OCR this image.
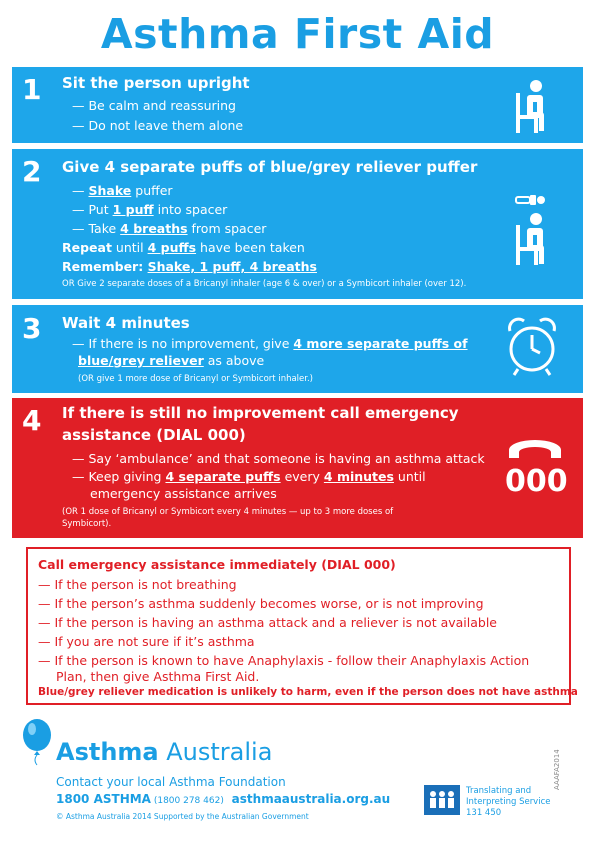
Asthma First Aid
1 Sit the person upright
— Be calm and reassuring
— Do not leave them alone
2 Give 4 separate puffs of blue/grey reliever puffer
— Shake puffer
— Put 1 puff into spacer
— Take 4 breaths from spacer
Repeat until 4 puffs have been taken
Remember: Shake, 1 puff, 4 breaths
OR Give 2 separate doses of a Bricanyl inhaler (age 6 & over) or a Symbicort inhaler (over 12).
3 Wait 4 minutes
— If there is no improvement, give 4 more separate puffs of
blue/grey reliever as above
(OR give 1 more dose of Bricanyl or Symbicort inhaler.)
4 If there is still no improvement call emergency
assistance (DIAL 000)
— Say ‘ambulance’ and that someone is having an asthma attack
— Keep giving 4 separate puffs every 4 minutes until
emergency assistance arrives
(OR 1 dose of Bricanyl or Symbicort every 4 minutes — up to 3 more doses of
Symbicort).
000
Call emergency assistance immediately (DIAL 000)
— If the person is not breathing
— If the person’s asthma suddenly becomes worse, or is not improving
— If the person is having an asthma attack and a reliever is not available
— If you are not sure if it’s asthma
— If the person is known to have Anaphylaxis - follow their Anaphylaxis Action
Plan, then give Asthma First Aid.
Blue/grey reliever medication is unlikely to harm, even if the person does not have asthma
Asthma Australia
Contact your local Asthma Foundation
1800 ASTHMA (1800 278 462) asthmaaustralia.org.au
© Asthma Australia 2014 Supported by the Australian Government
Translating and
Interpreting Service
131 450
AAAFA2014
